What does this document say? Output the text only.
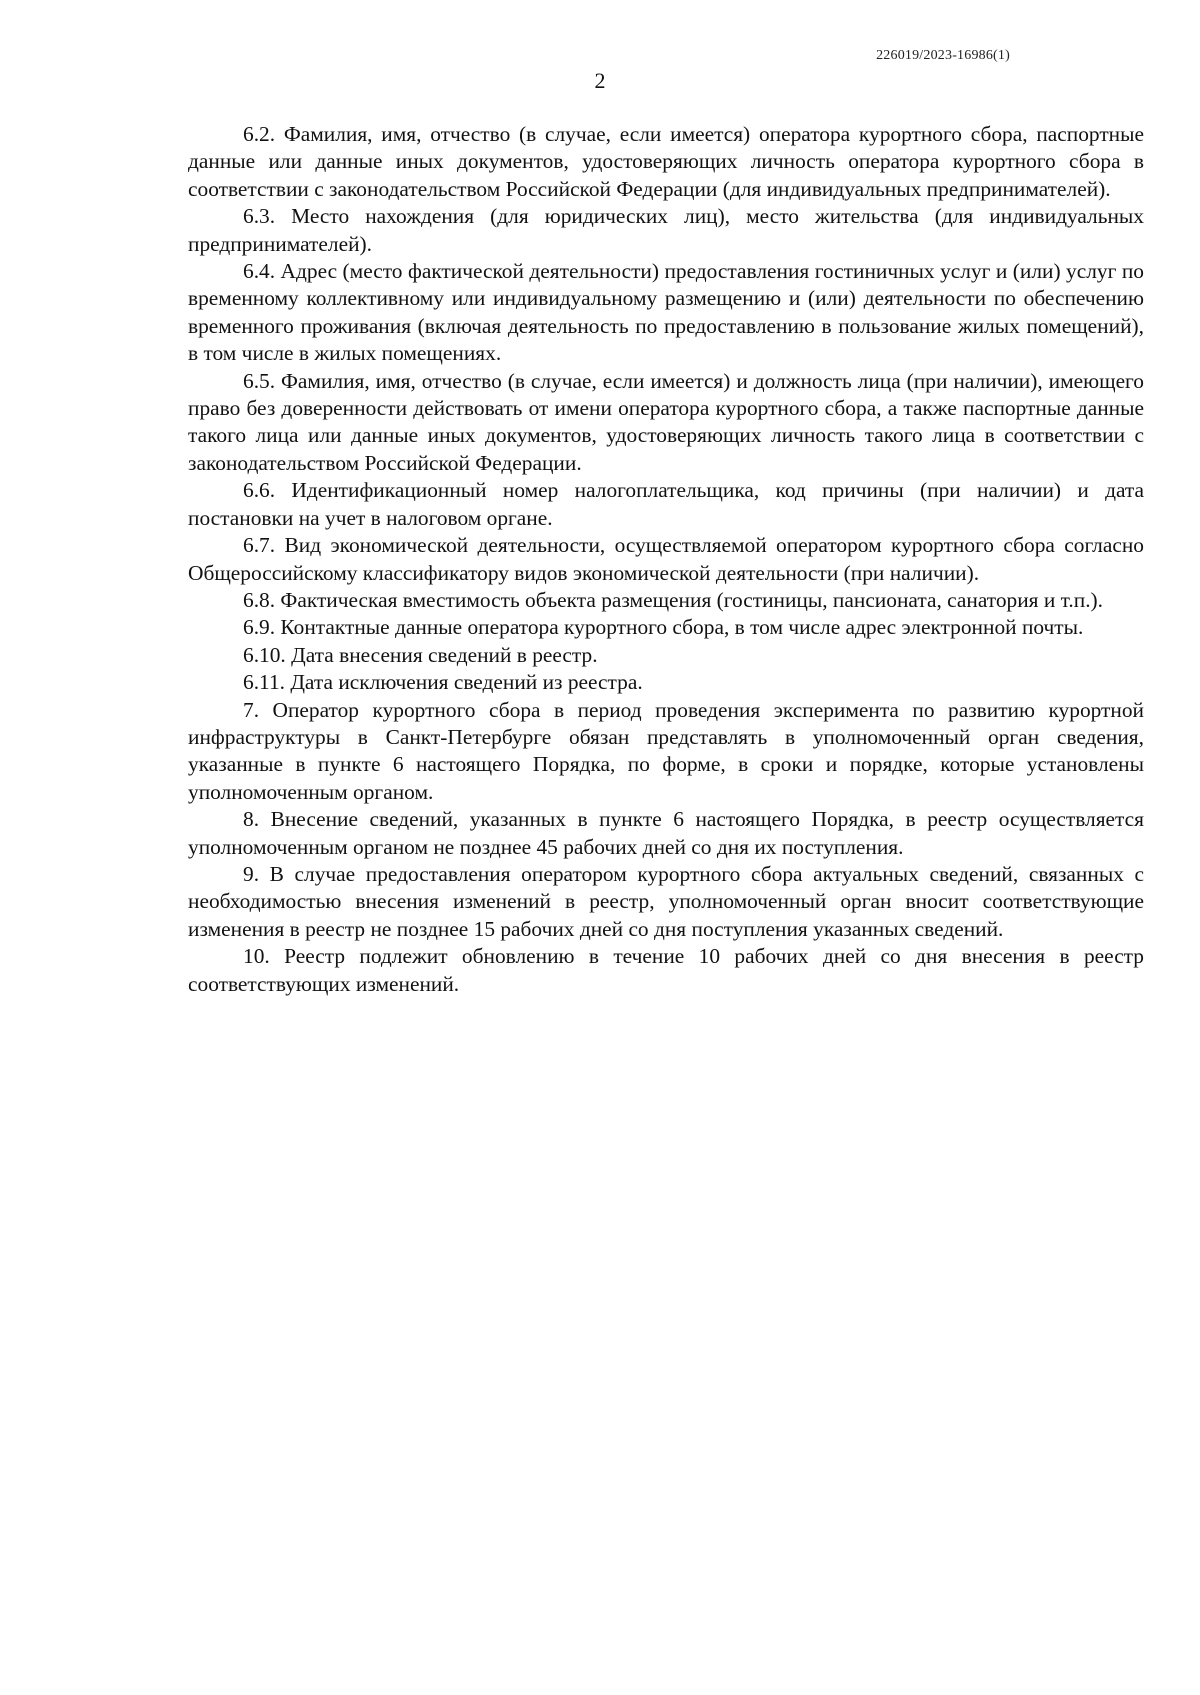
226019/2023-16986(1)
2

6.2. Фамилия, имя, отчество (в случае, если имеется) оператора курортного сбора, паспортные данные или данные иных документов, удостоверяющих личность оператора курортного сбора в соответствии с законодательством Российской Федерации (для индивидуальных предпринимателей).

6.3. Место нахождения (для юридических лиц), место жительства (для индивидуальных предпринимателей).

6.4. Адрес (место фактической деятельности) предоставления гостиничных услуг и (или) услуг по временному коллективному или индивидуальному размещению и (или) деятельности по обеспечению временного проживания (включая деятельность по предоставлению в пользование жилых помещений), в том числе в жилых помещениях.

6.5. Фамилия, имя, отчество (в случае, если имеется) и должность лица (при наличии), имеющего право без доверенности действовать от имени оператора курортного сбора, а также паспортные данные такого лица или данные иных документов, удостоверяющих личность такого лица в соответствии с законодательством Российской Федерации.

6.6. Идентификационный номер налогоплательщика, код причины (при наличии) и дата постановки на учет в налоговом органе.

6.7. Вид экономической деятельности, осуществляемой оператором курортного сбора согласно Общероссийскому классификатору видов экономической деятельности (при наличии).

6.8. Фактическая вместимость объекта размещения (гостиницы, пансионата, санатория и т.п.).

6.9. Контактные данные оператора курортного сбора, в том числе адрес электронной почты.

6.10. Дата внесения сведений в реестр.

6.11. Дата исключения сведений из реестра.

7. Оператор курортного сбора в период проведения эксперимента по развитию курортной инфраструктуры в Санкт-Петербурге обязан представлять в уполномоченный орган сведения, указанные в пункте 6 настоящего Порядка, по форме, в сроки и порядке, которые установлены уполномоченным органом.

8. Внесение сведений, указанных в пункте 6 настоящего Порядка, в реестр осуществляется уполномоченным органом не позднее 45 рабочих дней со дня их поступления.

9. В случае предоставления оператором курортного сбора актуальных сведений, связанных с необходимостью внесения изменений в реестр, уполномоченный орган вносит соответствующие изменения в реестр не позднее 15 рабочих дней со дня поступления указанных сведений.

10. Реестр подлежит обновлению в течение 10 рабочих дней со дня внесения в реестр соответствующих изменений.
